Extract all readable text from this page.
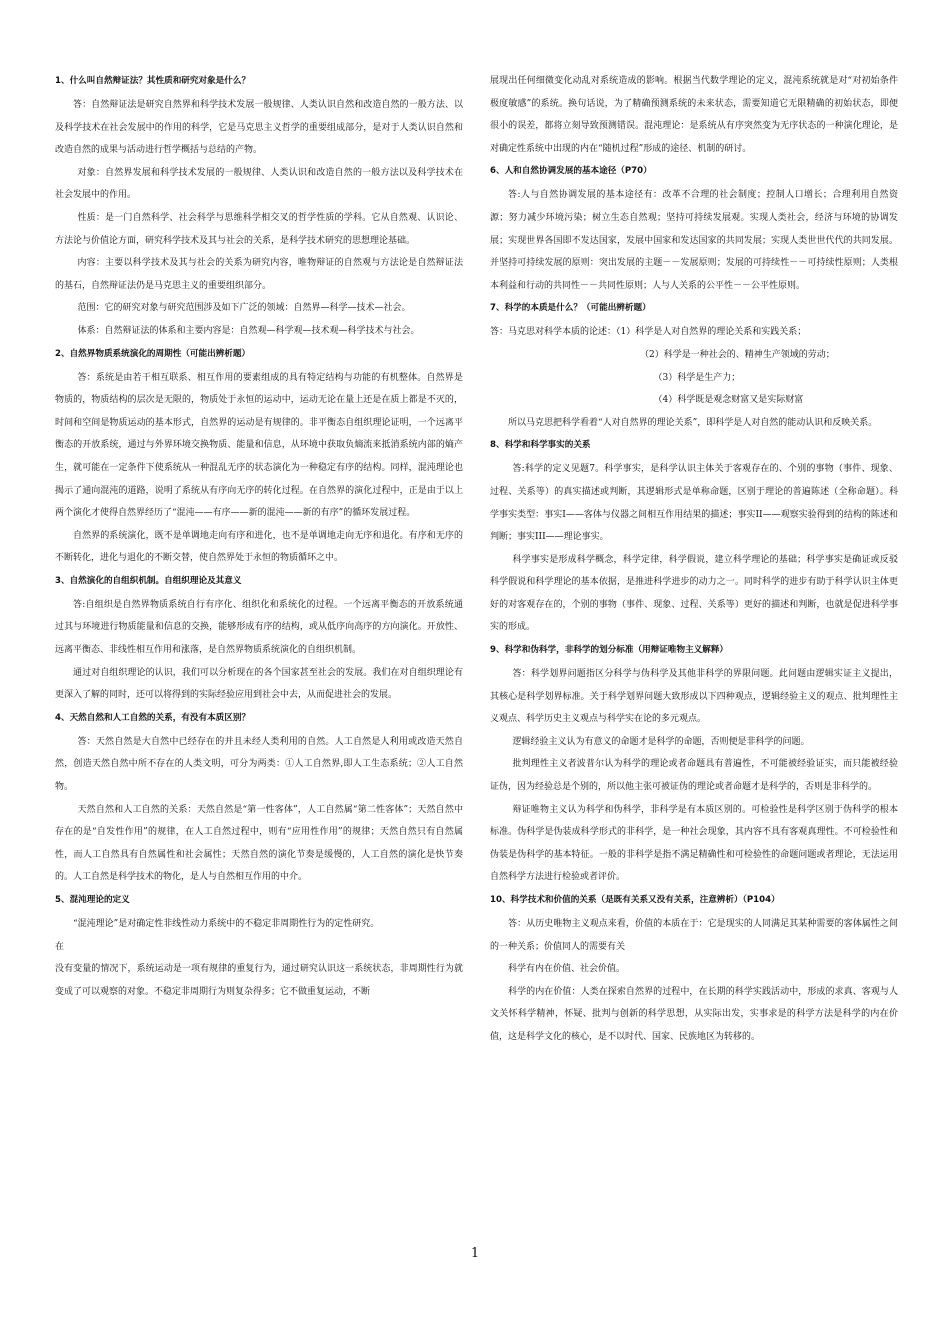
1、什么叫自然辩证法？其性质和研究对象是什么？
答：自然辩证法是研究自然界和科学技术发展一般规律、人类认识自然和改造自然的一般方法、以及科学技术在社会发展中的作用的科学，它是马克思主义哲学的重要组成部分，是对于人类认识自然和改造自然的成果与活动进行哲学概括与总结的产物。
对象：自然界发展和科学技术发展的一般规律、人类认识和改造自然的一般方法以及科学技术在社会发展中的作用。
性质：是一门自然科学、社会科学与思维科学相交叉的哲学性质的学科。它从自然观、认识论、方法论与价值论方面，研究科学技术及其与社会的关系，是科学技术研究的思想理论基础。
内容：主要以科学技术及其与社会的关系为研究内容，唯物辩证的自然观与方法论是自然辩证法的基石，自然辩证法仍是马克思主义的重要组织部分。
范围：它的研究对象与研究范围涉及如下广泛的领域：自然界—科学—技术—社会。
体系：自然辩证法的体系和主要内容是：自然观—科学观—技术观—科学技术与社会。
2、自然界物质系统演化的周期性（可能出辨析题）
答：系统是由若干相互联系、相互作用的要素组成的具有特定结构与功能的有机整体。自然界是物质的，物质结构的层次是无限的，物质处于永恒的运动中，运动无论在量上还是在质上都是不灭的，时间和空间是物质运动的基本形式，自然界的运动是有规律的。非平衡态自组织理论证明，一个远离平衡态的开放系统，通过与外界环境交换物质、能量和信息，从环境中获取负熵流来抵消系统内部的熵产生，就可能在一定条件下使系统从一种混乱无序的状态演化为一种稳定有序的结构。同样，混沌理论也揭示了通向混沌的道路，说明了系统从有序向无序的转化过程。在自然界的演化过程中，正是由于以上两个演化才使得自然界经历了“混沌——有序——新的混沌——新的有序”的循环发展过程。
自然界的系统演化，既不是单调地走向有序和进化，也不是单调地走向无序和退化。有序和无序的不断转化，进化与退化的不断交替，使自然界处于永恒的物质循环之中。
3、自然演化的自组织机制。自组织理论及其意义
答:自组织是自然界物质系统自行有序化、组织化和系统化的过程。一个远离平衡态的开放系统通过其与环境进行物质能量和信息的交换，能够形成有序的结构，或从低序向高序的方向演化。开放性、远离平衡态、非线性相互作用和涨落，是自然界物质系统演化的自组织机制。
通过对自组织理论的认识，我们可以分析现在的各个国家甚至社会的发展。我们在对自组织理论有更深入了解的同时，还可以将得到的实际经验应用到社会中去，从而促进社会的发展。
4、天然自然和人工自然的关系，有没有本质区别？
答：天然自然是大自然中已经存在的并且未经人类利用的自然。人工自然是人利用或改造天然自然，创造天然自然中所不存在的人类文明，可分为两类：①人工自然界,即人工生态系统；②人工自然物。
天然自然和人工自然的关系：天然自然是“第一性客体”，人工自然属“第二性客体”；天然自然中存在的是“自发性作用”的规律，在人工自然过程中，则有“应用性作用”的规律；天然自然只有自然属性，而人工自然具有自然属性和社会属性；天然自然的演化节奏是缓慢的，人工自然的演化是快节奏的。人工自然是科学技术的物化，是人与自然相互作用的中介。
5、混沌理论的定义
“混沌理论”是对确定性非线性动力系统中的不稳定非周期性行为的定性研究。
在
没有变量的情况下，系统运动是一项有规律的重复行为，通过研究认识这一系统状态，非周期性行为就变成了可以观察的对象。不稳定非周期行为则复杂得多；它不做重复运动，不断
展现出任何细微变化动乱对系统造成的影响。根据当代数学理论的定义，混沌系统就是对“对初始条件极度敏感”的系统。换句话说，为了精确预测系统的未来状态，需要知道它无限精确的初始状态，即便很小的误差，都将立刻导致预测错误。混沌理论：是系统从有序突然变为无序状态的一种演化理论，是对确定性系统中出现的内在“随机过程”形成的途径、机制的研讨。
6、人和自然协调发展的基本途径（P70）
答:人与自然协调发展的基本途径有：改革不合理的社会制度；控制人口增长；合理利用自然资源；努力减少环境污染；树立生态自然观；坚持可持续发展观。实现人类社会，经济与环境的协调发展；实现世界各国即不发达国家，发展中国家和发达国家的共同发展；实现人类世世代代的共同发展。并坚持可持续发展的原则：突出发展的主题－－发展原则；发展的可持续性－－可持续性原则；人类根本利益和行动的共同性－－共同性原则；人与人关系的公平性－－公平性原则。
7、科学的本质是什么？（可能出辨析题）
答：马克思对科学本质的论述：（1）科学是人对自然界的理论关系和实践关系；
（2）科学是一种社会的、精神生产领域的劳动；
　　（3）科学是生产力；
　　（4）科学既是观念财富又是实际财富
所以马克思把科学看着“人对自然界的理论关系”，即科学是人对自然的能动认识和反映关系。
8、科学和科学事实的关系
答:科学的定义见题7。科学事实，是科学认识主体关于客观存在的、个别的事物（事件、现象、过程、关系等）的真实描述或判断，其逻辑形式是单称命题，区别于理论的普遍陈述（全称命题）。科学事实类型：事实I——客体与仪器之间相互作用结果的描述；事实II——观察实验得到的结构的陈述和判断；事实III——理论事实。
科学事实是形成科学概念，科学定律，科学假说，建立科学理论的基础；科学事实是确证或反驳科学假说和科学理论的基本依据，是推进科学进步的动力之一。同时科学的进步有助于科学认识主体更好的对客观存在的，个别的事物（事件、现象、过程、关系等）更好的描述和判断，也就是促进科学事实的形成。
9、科学和伪科学，非科学的划分标准（用辩证唯物主义解释）
答：科学划界问题指区分科学与伪科学及其他非科学的界限问题。此问题由逻辑实证主义提出，其核心是科学划界标准。关于科学划界问题大致形成以下四种观点，逻辑经验主义的观点、批判理性主义观点、科学历史主义观点与科学实在论的多元观点。
逻辑经验主义认为有意义的命题才是科学的命题，否则便是非科学的问题。
批判理性主义者波普尔认为科学的理论或者命题具有普遍性，不可能被经验证实，而只能被经验证伪，因为经验总是个别的，所以他主张可被证伪的理论或者命题才是科学的，否则是非科学的。
辩证唯物主义认为科学和伪科学，非科学是有本质区别的。可检验性是科学区别于伪科学的根本标准。伪科学是伪装成科学形式的非科学，是一种社会现象，其内容不具有客观真理性。不可检验性和伪装是伪科学的基本特征。一般的非科学是指不满足精确性和可检验性的命题问题或者理论，无法运用自然科学方法进行检验或者评价。
10、科学技术和价值的关系（是既有关系又没有关系，注意辨析）（P104）
答：从历史唯物主义观点来看，价值的本质在于：它是现实的人同满足其某种需要的客体属性之间的一种关系；价值同人的需要有关
科学有内在价值、社会价值。
科学的内在价值：人类在探索自然界的过程中，在长期的科学实践活动中，形成的求真、客观与人文关怀科学精神，怀疑、批判与创新的科学思想，从实际出发，实事求是的科学方法是科学的内在价值，这是科学文化的核心，是不以时代、国家、民族地区为转移的。
1
